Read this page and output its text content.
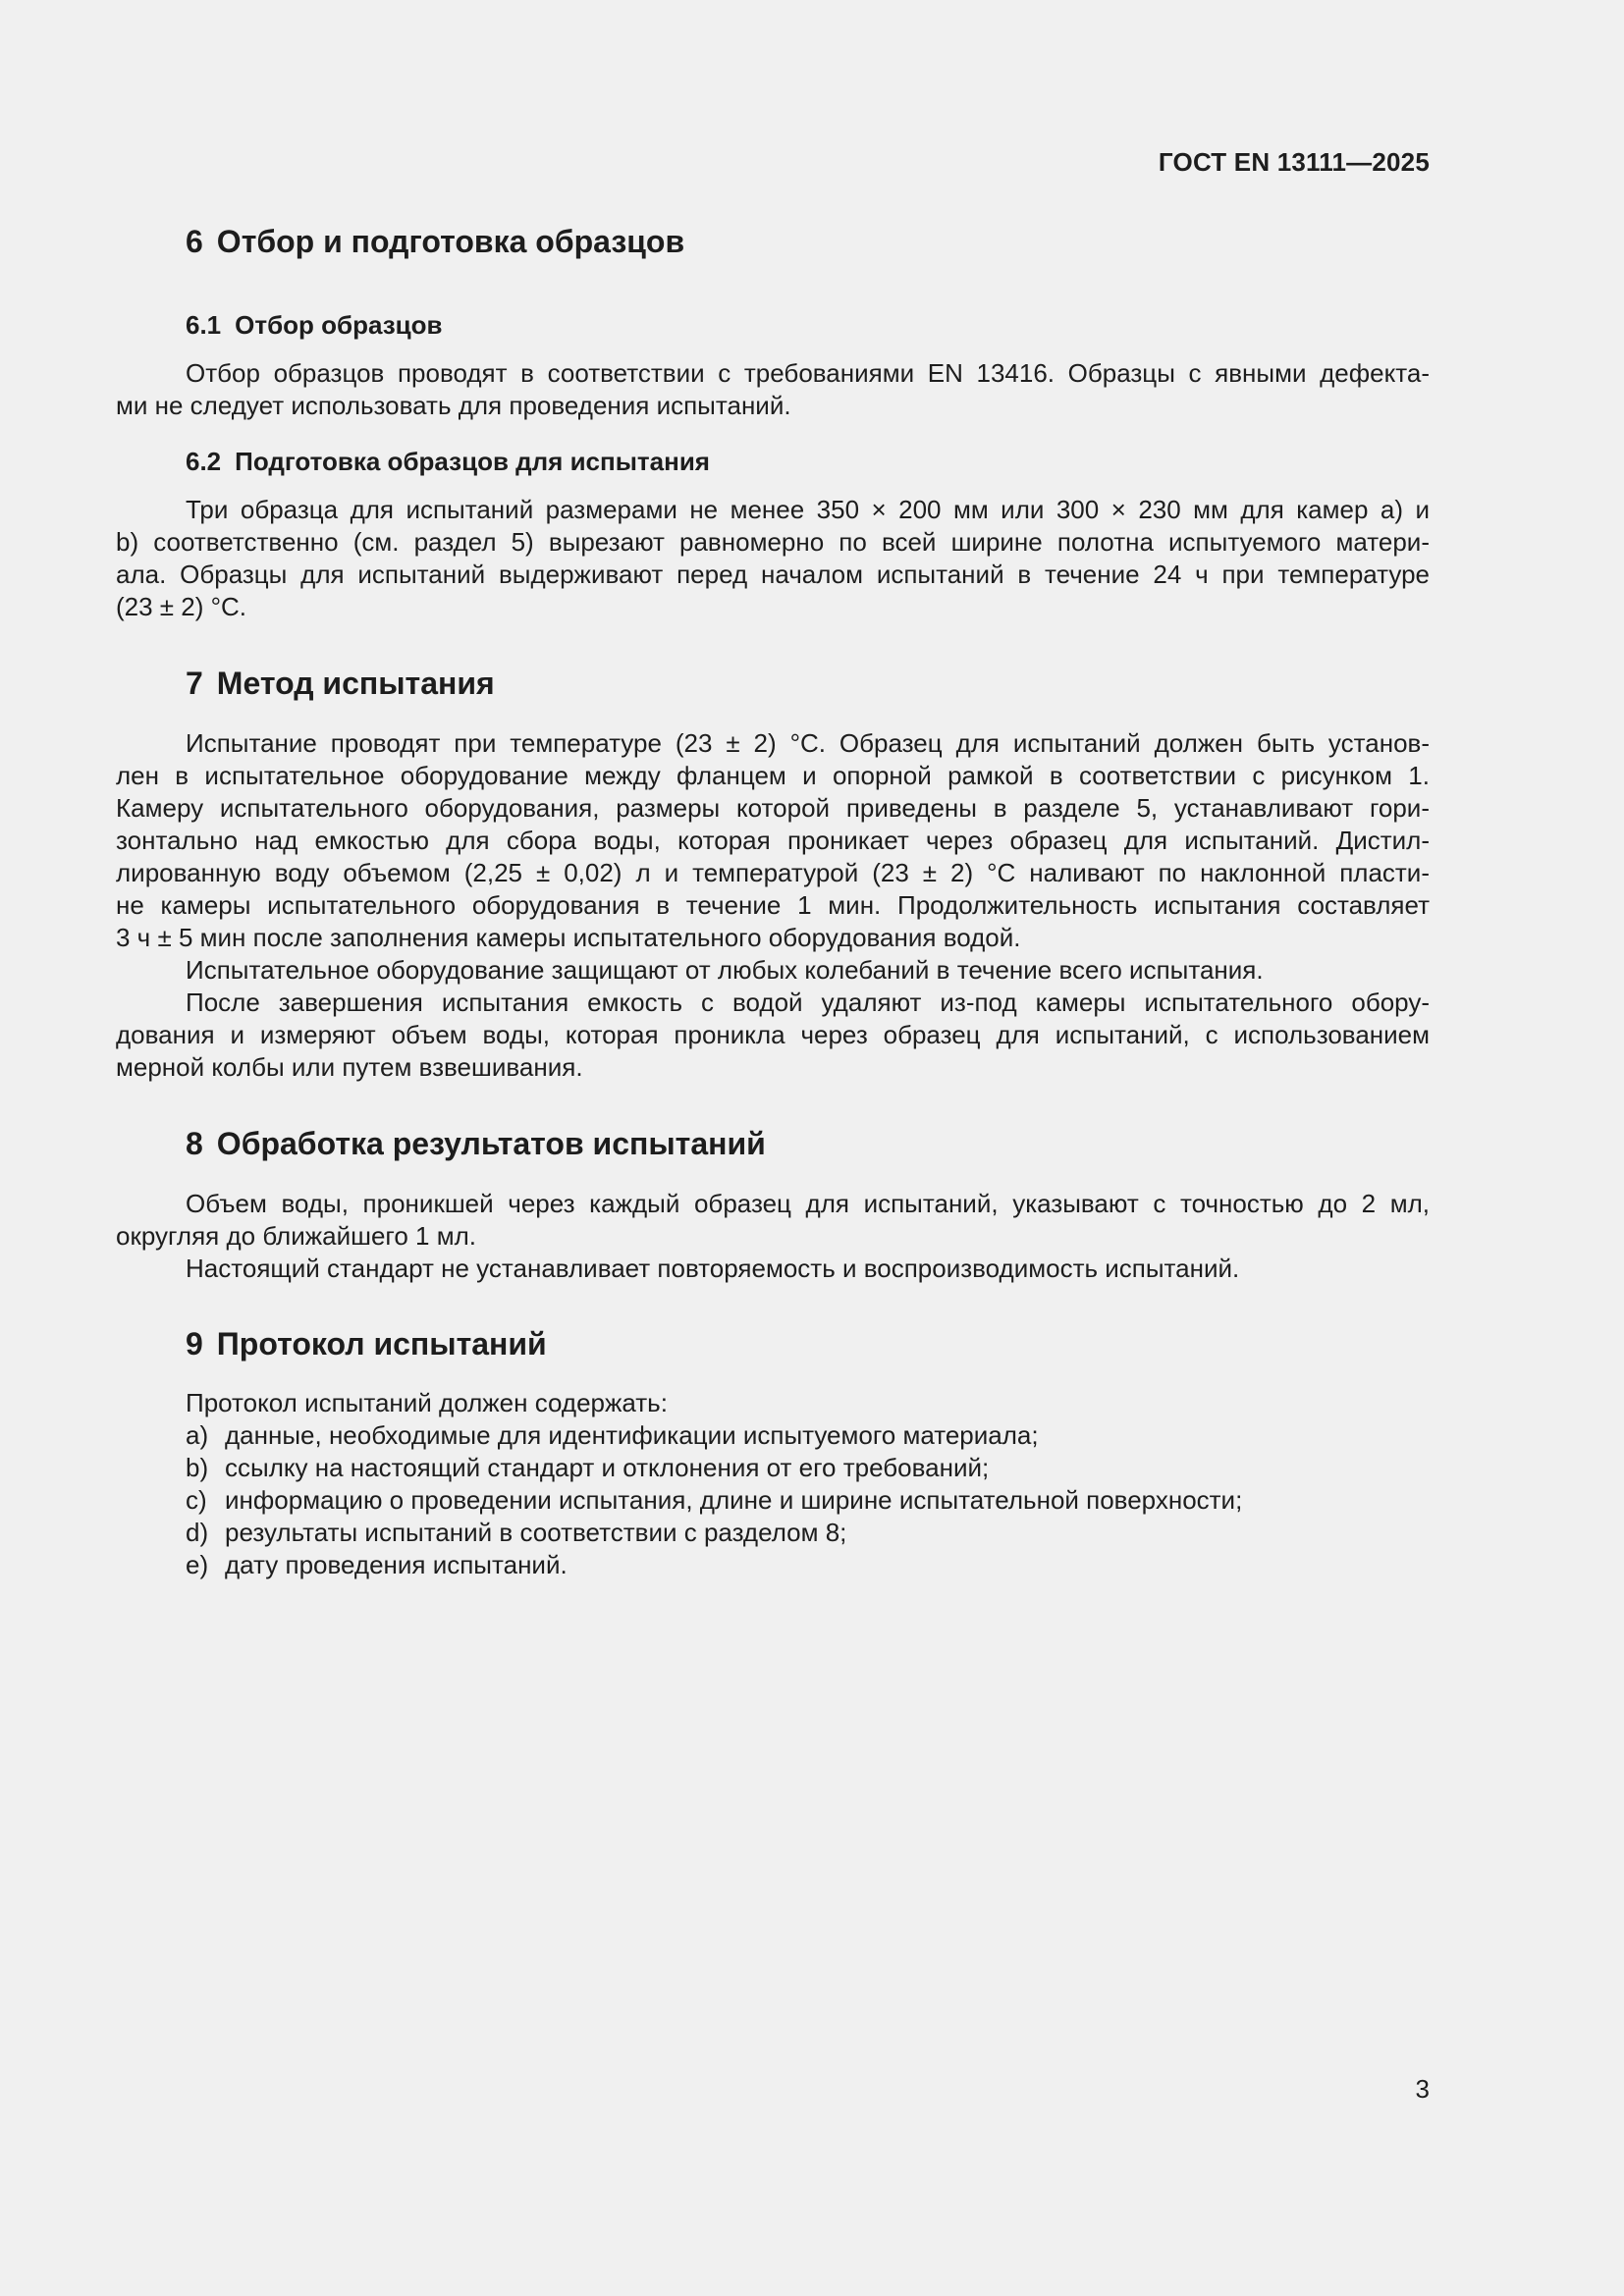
ГОСТ EN 13111—2025
6 Отбор и подготовка образцов
6.1 Отбор образцов
Отбор образцов проводят в соответствии с требованиями EN 13416. Образцы с явными дефекта-
ми не следует использовать для проведения испытаний.
6.2 Подготовка образцов для испытания
Три образца для испытаний размерами не менее 350 × 200 мм или 300 × 230 мм для камер а) и
b) соответственно (см. раздел 5) вырезают равномерно по всей ширине полотна испытуемого матери-
ала. Образцы для испытаний выдерживают перед началом испытаний в течение 24 ч при температуре
(23 ± 2) °С.
7 Метод испытания
Испытание проводят при температуре (23 ± 2) °С. Образец для испытаний должен быть установ-
лен в испытательное оборудование между фланцем и опорной рамкой в соответствии с рисунком 1.
Камеру испытательного оборудования, размеры которой приведены в разделе 5, устанавливают гори-
зонтально над емкостью для сбора воды, которая проникает через образец для испытаний. Дистил-
лированную воду объемом (2,25 ± 0,02) л и температурой (23 ± 2) °С наливают по наклонной пласти-
не камеры испытательного оборудования в течение 1 мин. Продолжительность испытания составляет
3 ч ± 5 мин после заполнения камеры испытательного оборудования водой.
Испытательное оборудование защищают от любых колебаний в течение всего испытания.
После завершения испытания емкость с водой удаляют из-под камеры испытательного обору-
дования и измеряют объем воды, которая проникла через образец для испытаний, с использованием
мерной колбы или путем взвешивания.
8 Обработка результатов испытаний
Объем воды, проникшей через каждый образец для испытаний, указывают с точностью до 2 мл,
округляя до ближайшего 1 мл.
Настоящий стандарт не устанавливает повторяемость и воспроизводимость испытаний.
9 Протокол испытаний
Протокол испытаний должен содержать:
а) данные, необходимые для идентификации испытуемого материала;
b) ссылку на настоящий стандарт и отклонения от его требований;
с) информацию о проведении испытания, длине и ширине испытательной поверхности;
d) результаты испытаний в соответствии с разделом 8;
е) дату проведения испытаний.
3
